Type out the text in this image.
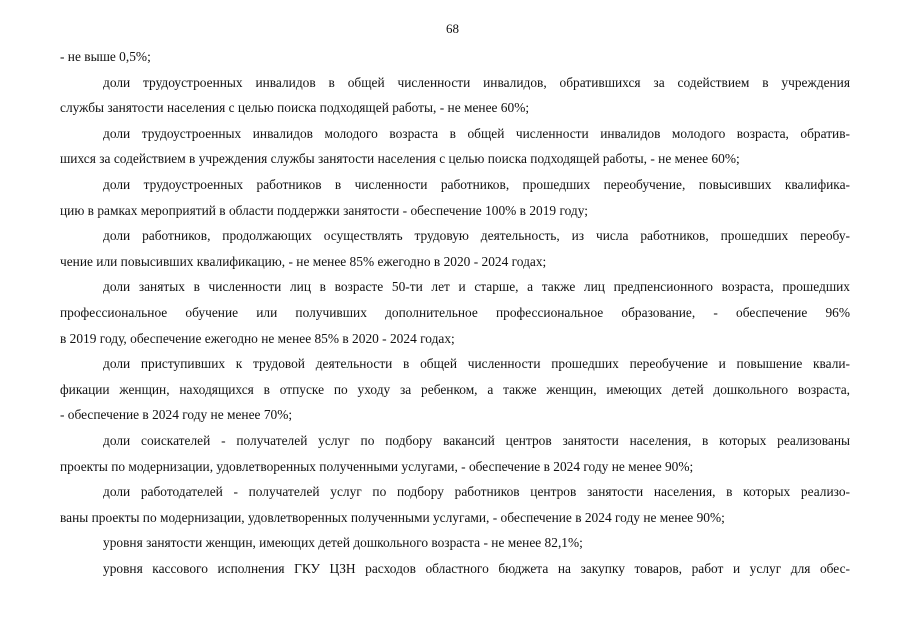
68
- не выше 0,5%;
доли трудоустроенных инвалидов в общей численности инвалидов, обратившихся за содействием в учреждения
службы занятости населения с целью поиска подходящей работы, - не менее 60%;
доли трудоустроенных инвалидов молодого возраста в общей численности инвалидов молодого возраста, обратив-
шихся за содействием в учреждения службы занятости населения с целью поиска подходящей работы, - не менее 60%;
доли трудоустроенных работников в численности работников, прошедших переобучение, повысивших квалифика-
цию в рамках мероприятий в области поддержки занятости - обеспечение 100% в 2019 году;
доли работников, продолжающих осуществлять трудовую деятельность, из числа работников, прошедших переобу-
чение или повысивших квалификацию, - не менее 85% ежегодно в 2020 - 2024 годах;
доли занятых в численности лиц в возрасте 50-ти лет и старше, а также лиц предпенсионного возраста, прошедших
профессиональное обучение или получивших дополнительное профессиональное образование, - обеспечение 96%
в 2019 году, обеспечение ежегодно не менее 85% в 2020 - 2024 годах;
доли приступивших к трудовой деятельности в общей численности прошедших переобучение и повышение квали-
фикации женщин, находящихся в отпуске по уходу за ребенком, а также женщин, имеющих детей дошкольного возраста,
- обеспечение в 2024 году не менее 70%;
доли соискателей - получателей услуг по подбору вакансий центров занятости населения, в которых реализованы
проекты по модернизации, удовлетворенных полученными услугами, - обеспечение в 2024 году не менее 90%;
доли работодателей - получателей услуг по подбору работников центров занятости населения, в которых реализо-
ваны проекты по модернизации, удовлетворенных полученными услугами, - обеспечение в 2024 году не менее 90%;
уровня занятости женщин, имеющих детей дошкольного возраста - не менее 82,1%;
уровня кассового исполнения ГКУ ЦЗН расходов областного бюджета на закупку товаров, работ и услуг для обес-
